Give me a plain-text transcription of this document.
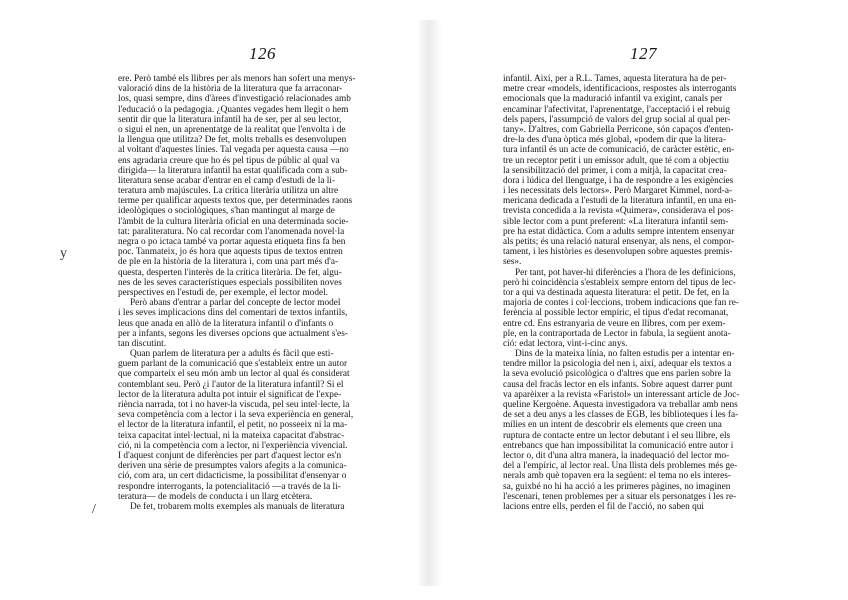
126	127
ere. Però també els llibres per als menors han sofert una menys-
valoració dins de la història de la literatura que fa arraconar-
los, quasi sempre, dins d'àrees d'investigació relacionades amb
l'educació o la pedagogia. ¿Quantes vegades hem llegit o hem
sentit dir que la literatura infantil ha de ser, per al seu lector,
o sigui el nen, un aprenentatge de la realitat que l'envolta i de
la llengua que utilitza? De fet, molts treballs es desenvolupen
al voltant d'aquestes línies. Tal vegada per aquesta causa —no
ens agradaria creure que ho és pel tipus de públic al qual va
dirigida— la literatura infantil ha estat qualificada com a sub-
literatura sense acabar d'entrar en el camp d'estudi de la li-
teratura amb majúscules. La crítica literària utilitza un altre
terme per qualificar aquests textos que, per determinades raons
ideològiques o sociològiques, s'han mantingut al marge de
l'àmbit de la cultura literària oficial en una determinada socie-
tat: paraliteratura. No cal recordar com l'anomenada novel·la
negra o po ictaca també va portar aquesta etiqueta fins fa ben
poc. Tanmateix, jo és hora que aquests tipus de textos entren
de ple en la història de la literatura i, com una part més d'a-
questa, desperten l'interès de la crítica literària. De fet, algu-
nes de les seves característiques especials possibiliten noves
perspectives en l'estudi de, per exemple, el lector model.
Però abans d'entrar a parlar del concepte de lector model
i les seves implicacions dins del comentari de textos infantils,
leus que anada en allò de la literatura infantil o d'infants o
per a infants, segons les diverses opcions que actualment s'es-
tan discutint.
Quan parlem de literatura per a adults és fàcil que esti-
guem parlant de la comunicació que s'estableix entre un autor
que comparteix el seu món amb un lector al qual és considerat
contemblant seu. Però ¿i l'autor de la literatura infantil? Si el
lector de la literatura adulta pot intuir el significat de l'expe-
riència narrada, tot i no haver-la viscuda, pel seu intel·lecte, la
seva competència com a lector i la seva experiència en general,
el lector de la literatura infantil, el petit, no posseeix ni la ma-
teixa capacitat intel·lectual, ni la mateixa capacitat d'abstrac-
ció, ni la competència com a lector, ni l'experiència vivencial.
I d'aquest conjunt de diferències per part d'aquest lector es'n
deriven una sèrie de presumptes valors afegits a la comunica-
ció, com ara, un cert didacticisme, la possibilitat d'ensenyar o
respondre interrogants, la potencialitació —a través de la li-
teratura— de models de conducta i un llarg etcètera.
De fet, trobarem molts exemples als manuals de literatura
infantil. Així, per a R.L. Tames, aquesta literatura ha de per-
metre crear «models, identificacions, respostes als interrogants
emocionals que la maduració infantil va exigint, canals per
encaminar l'afectivitat, l'aprenentatge, l'acceptació i el rebuig
dels papers, l'assumpció de valors del grup social al qual per-
tany». D'altres, com Gabriella Perricone, són capaços d'enten-
dre-la des d'una òptica més global, «podem dir que la litera-
tura infantil és un acte de comunicació, de caràcter estètic, en-
tre un receptor petit i un emissor adult, que té com a objectiu
la sensibilització del primer, i com a mitjà, la capacitat crea-
dora i lúdica del llenguatge, i ha de respondre a les exigències
i les necessitats dels lectors». Però Margaret Kimmel, nord-a-
mericana dedicada a l'estudi de la literatura infantil, en una en-
trevista concedida a la revista «Quimera», considerava el pos-
sible lector com a punt preferent: «La literatura infantil sem-
pre ha estat didàctica. Com a adults sempre intentem ensenyar
als petits; és una relació natural ensenyar, als nens, el compor-
tament, i les històries es desenvolupen sobre aquestes premis-
ses».
Per tant, pot haver-hi diferències a l'hora de les definicions,
però hi coincidència s'estableix sempre entorn del tipus de lec-
tor a qui va destinada aquesta literatura: el petit. De fet, en la
majoria de contes i col·leccions, trobem indicacions que fan re-
ferència al possible lector empíric, el tipus d'edat recomanat,
entre cd. Ens estranyaria de veure en llibres, com per exem-
ple, en la contraportada de Lector in fabula, la següent anota-
ció: edat lectora, vint-i-cinc anys.
Dins de la mateixa línia, no falten estudis per a intentar en-
tendre millor la psicologia del nen i, així, adequar els textos a
la seva evolució psicològica o d'altres que ens parlen sobre la
causa del fracàs lector en els infants. Sobre aquest darrer punt
va aparèixer a la revista «Faristol» un interessant article de Joc-
queline Kergoène. Aquesta investigadora va treballar amb nens
de set a deu anys a les classes de EGB, les biblioteques i les fa-
mílies en un intent de descobrir els elements que creen una
ruptura de contacte entre un lector debutant i el seu llibre, els
entrebancs que han impossibilitat la comunicació entre autor i
lector o, dit d'una altra manera, la inadequació del lector mo-
del a l'empíric, al lector real. Una llista dels problemes més ge-
nerals amb què topaven era la següent: el tema no els interes-
sa, guixbé no hi ha acció a les primeres pàgines, no imaginen
l'escenari, tenen problemes per a situar els personatges i les re-
lacions entre ells, perden el fil de l'acció, no saben qui
y
/
